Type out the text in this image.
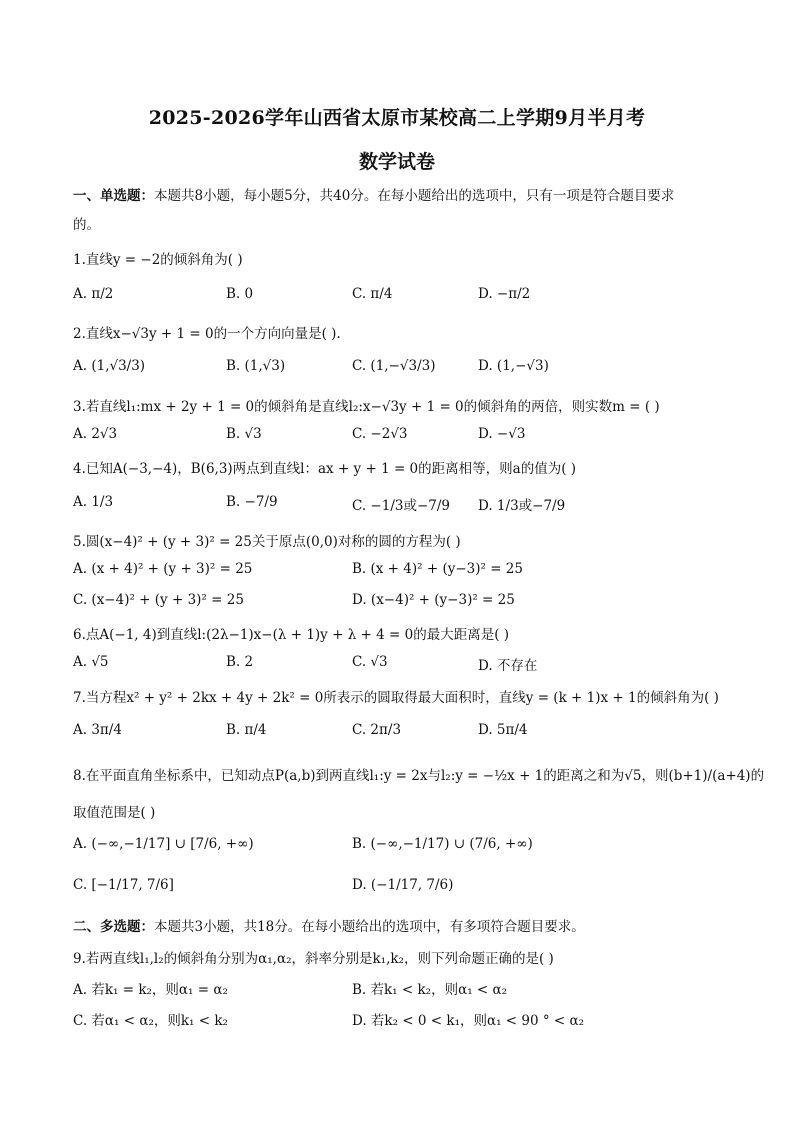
2025-2026学年山西省太原市某校高二上学期9月半月考
数学试卷
一、单选题：本题共8小题，每小题5分，共40分。在每小题给出的选项中，只有一项是符合题目要求
的。
1.直线y = −2的倾斜角为( )
A. π/2	B. 0	C. π/4	D. −π/2
2.直线x−√3y + 1 = 0的一个方向向量是( ).
A. (1,√3/3)	B. (1,√3)	C. (1,−√3/3)	D. (1,−√3)
3.若直线l₁:mx + 2y + 1 = 0的倾斜角是直线l₂:x−√3y + 1 = 0的倾斜角的两倍，则实数m = ( )
A. 2√3	B. √3	C. −2√3	D. −√3
4.已知A(−3,−4)，B(6,3)两点到直线l：ax + y + 1 = 0的距离相等，则a的值为( )
A. 1/3	B. −7/9	C. −1/3或−7/9 D. 1/3或−7/9
5.圆(x−4)² + (y + 3)² = 25关于原点(0,0)对称的圆的方程为( )
A. (x + 4)² + (y + 3)² = 25	B. (x + 4)² + (y−3)² = 25
C. (x−4)² + (y + 3)² = 25	D. (x−4)² + (y−3)² = 25
6.点A(−1, 4)到直线l:(2λ−1)x−(λ + 1)y + λ + 4 = 0的最大距离是( )
A. √5	B. 2	C. √3	D. 不存在
7.当方程x² + y² + 2kx + 4y + 2k² = 0所表示的圆取得最大面积时，直线y = (k + 1)x + 1的倾斜角为( )
A. 3π/4	B. π/4	C. 2π/3	D. 5π/4
8.在平面直角坐标系中，已知动点P(a,b)到两直线l₁:y = 2x与l₂:y = −½x + 1的距离之和为√5，则(b+1)/(a+4)的
取值范围是( )
A. (−∞,−1/17] ∪ [7/6, +∞)	B. (−∞,−1/17) ∪ (7/6, +∞)
C. [−1/17, 7/6]	D. (−1/17, 7/6)
二、多选题：本题共3小题，共18分。在每小题给出的选项中，有多项符合题目要求。
9.若两直线l₁,l₂的倾斜角分别为α₁,α₂，斜率分别是k₁,k₂，则下列命题正确的是( )
A. 若k₁ = k₂，则α₁ = α₂	B. 若k₁ < k₂，则α₁ < α₂
C. 若α₁ < α₂，则k₁ < k₂	D. 若k₂ < 0 < k₁，则α₁ < 90 ° < α₂
